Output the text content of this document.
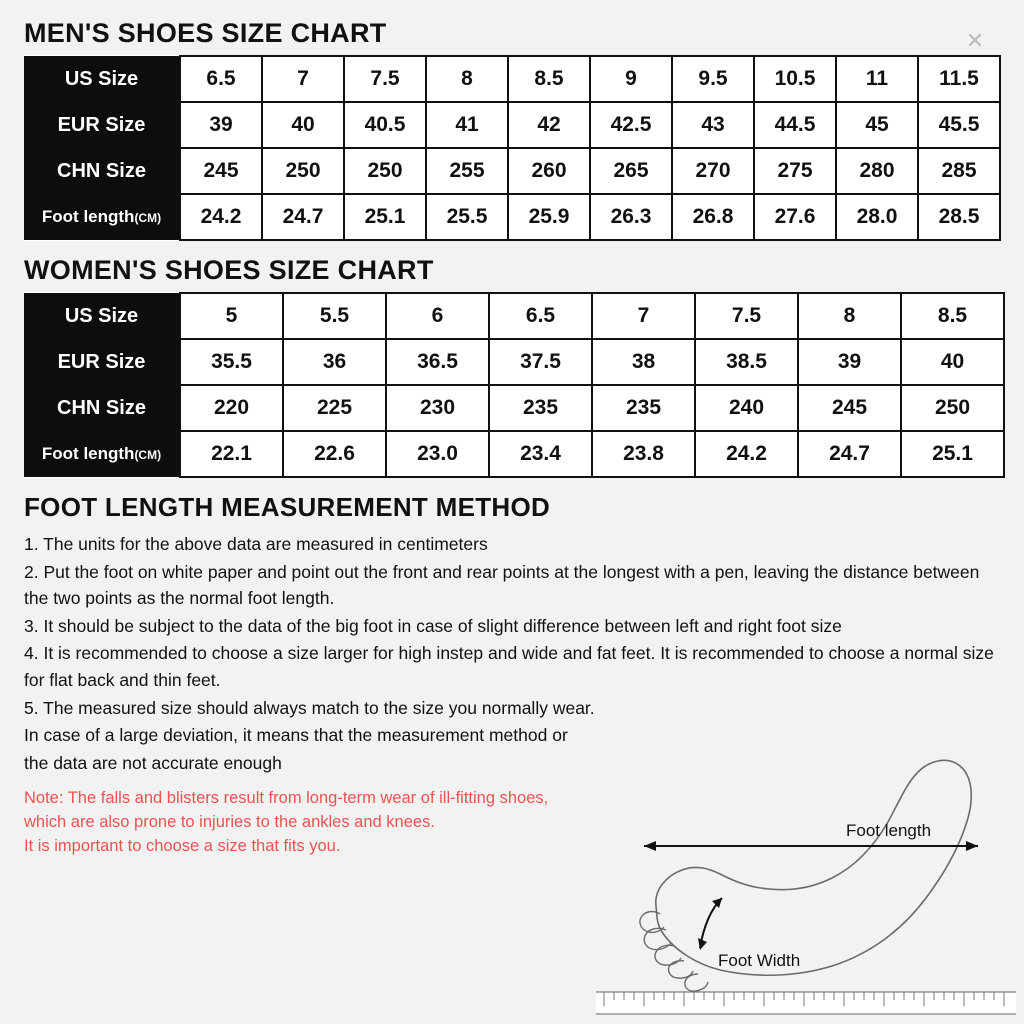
✕
MEN'S SHOES SIZE CHART
US Size	6.5	7	7.5	8	8.5	9	9.5	10.5	11	11.5
EUR Size	39	40	40.5	41	42	42.5	43	44.5	45	45.5
CHN Size	245	250	250	255	260	265	270	275	280	285
Foot length(CM)	24.2	24.7	25.1	25.5	25.9	26.3	26.8	27.6	28.0	28.5
WOMEN'S SHOES SIZE CHART
US Size	5	5.5	6	6.5	7	7.5	8	8.5
EUR Size	35.5	36	36.5	37.5	38	38.5	39	40
CHN Size	220	225	230	235	235	240	245	250
Foot length(CM)	22.1	22.6	23.0	23.4	23.8	24.2	24.7	25.1
FOOT LENGTH MEASUREMENT METHOD

1. The units for the above data are measured in centimeters

2. Put the foot on white paper and point out the front and rear points at the longest with a pen, leaving the distance between the two points as the normal foot length.

3. It should be subject to the data of the big foot in case of slight difference between left and right foot size

4. It is recommended to choose a size larger for high instep and wide and fat feet. It is recommended to choose a normal size for flat back and thin feet.

5. The measured size should always match to the size you normally wear.

In case of a large deviation, it means that the measurement method or

the data are not accurate enough

Note: The falls and blisters result from long-term wear of ill-fitting shoes,

which are also prone to injuries to the ankles and knees.

It is important to choose a size that fits you.

Foot length
Foot Width
